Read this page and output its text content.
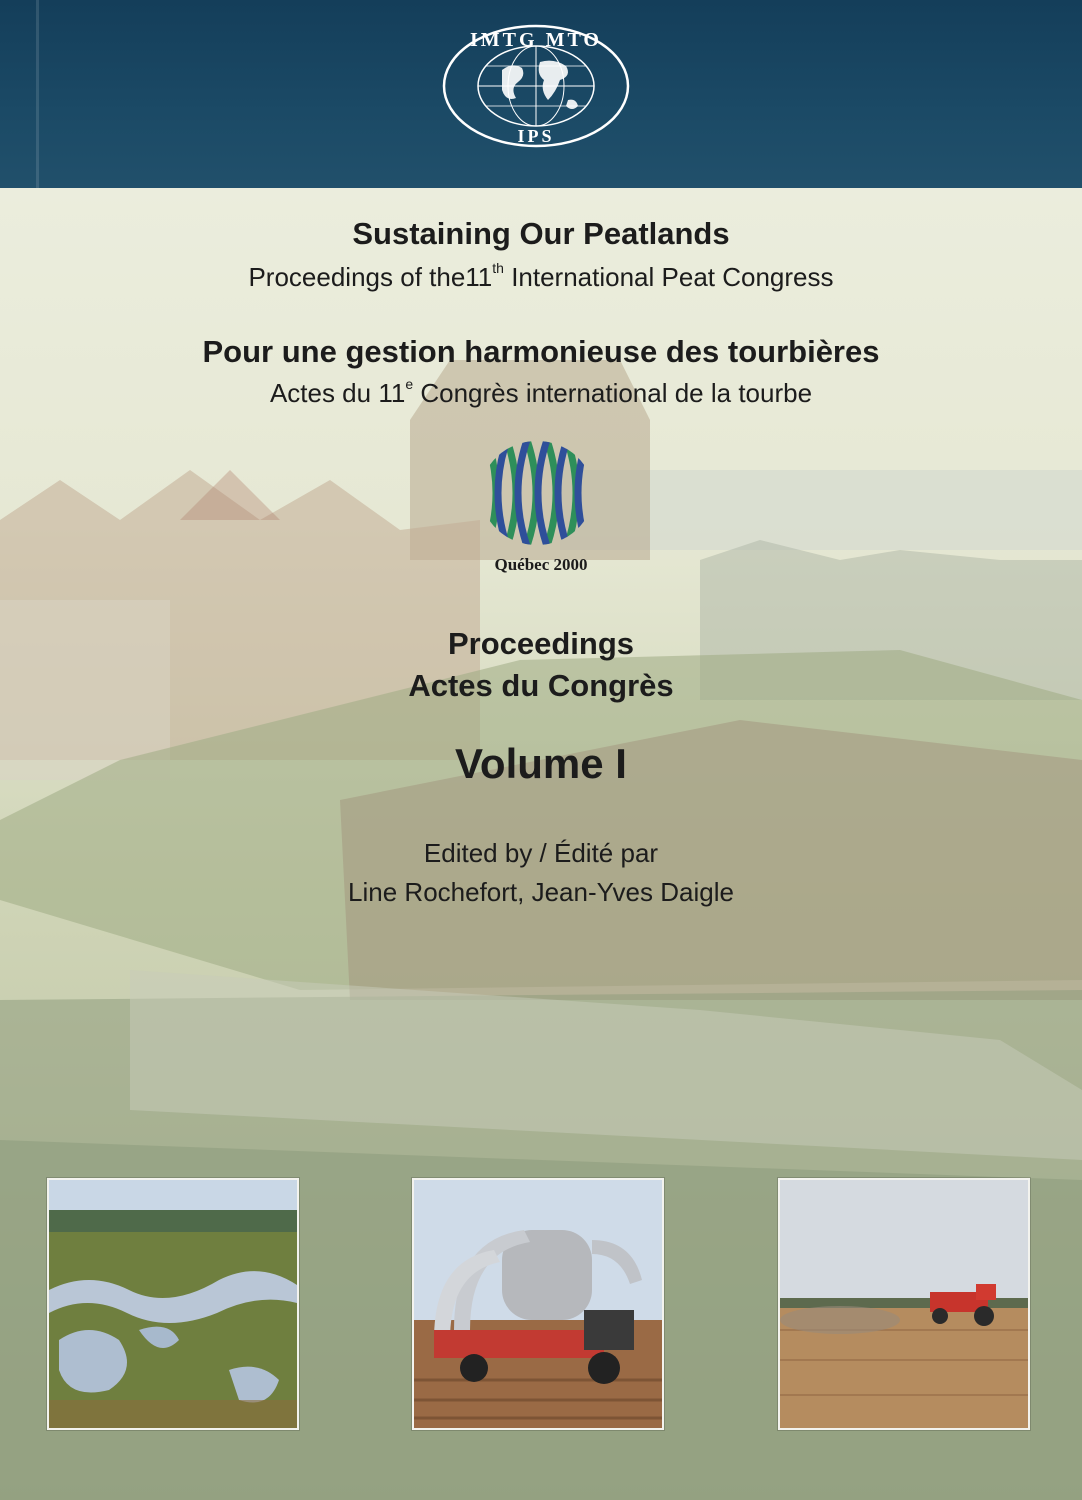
IMTG MTO
IPS
Sustaining Our Peatlands
Proceedings of the11th International Peat Congress
Pour une gestion harmonieuse des tourbières
Actes du 11e Congrès international de la tourbe
Québec 2000
Proceedings
Actes du Congrès
Volume I
Edited by / Édité par
Line Rochefort, Jean-Yves Daigle
